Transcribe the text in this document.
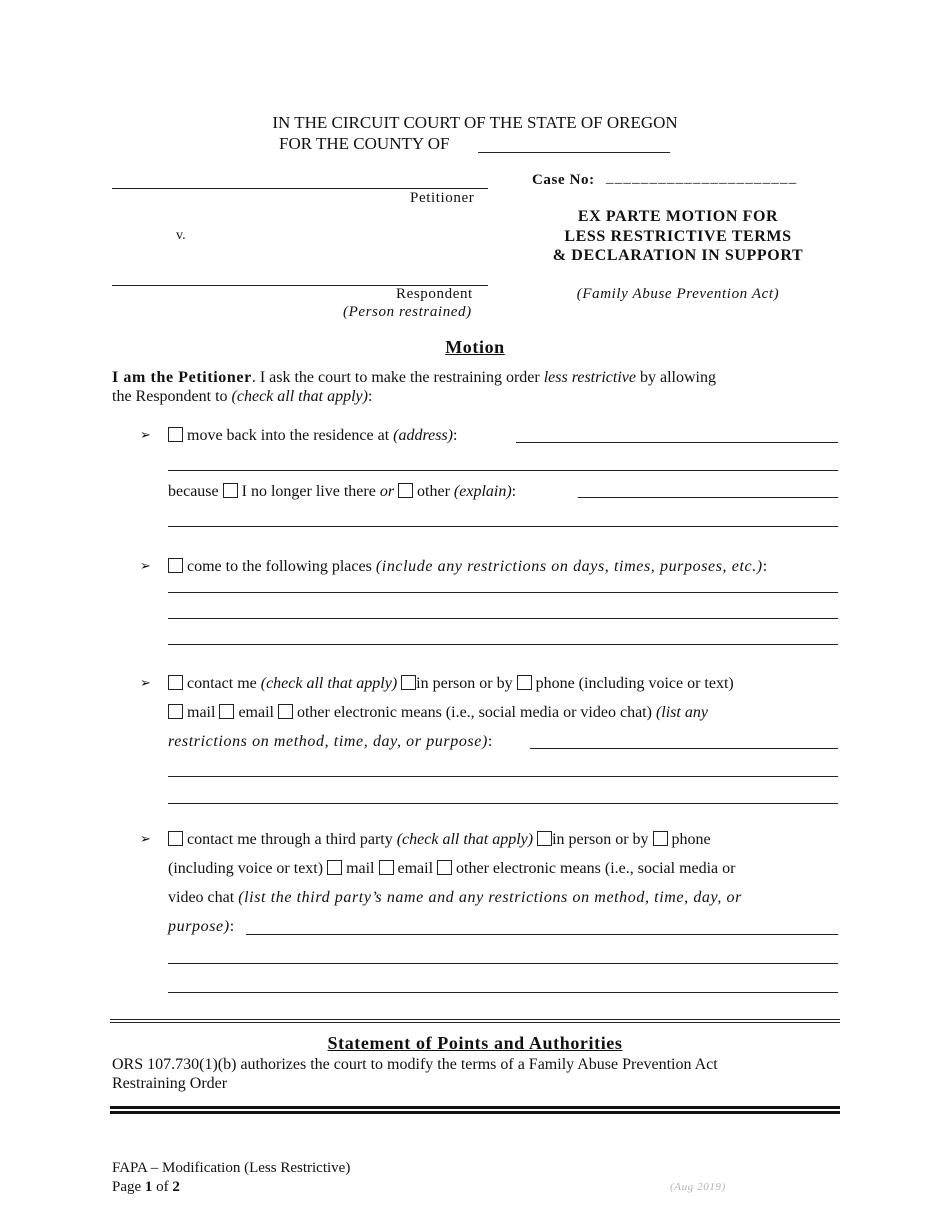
IN THE CIRCUIT COURT OF THE STATE OF OREGON
FOR THE COUNTY OF
Petitioner
v.
Respondent
(Person restrained)
Case No: ______________________
EX PARTE MOTION FOR
LESS RESTRICTIVE TERMS
& DECLARATION IN SUPPORT
(Family Abuse Prevention Act)
Motion
I am the Petitioner. I ask the court to make the restraining order less restrictive by allowing
the Respondent to (check all that apply):
➢	move back into the residence at (address):
because I no longer live there or other (explain):
➢	come to the following places (include any restrictions on days, times, purposes, etc.):
➢	contact me (check all that apply) in person or by phone (including voice or text)
mail email other electronic means (i.e., social media or video chat) (list any
restrictions on method, time, day, or purpose):
➢	contact me through a third party (check all that apply) in person or by phone
(including voice or text) mail email other electronic means (i.e., social media or
video chat (list the third party’s name and any restrictions on method, time, day, or
purpose):
Statement of Points and Authorities
ORS 107.730(1)(b) authorizes the court to modify the terms of a Family Abuse Prevention Act
Restraining Order
FAPA – Modification (Less Restrictive)
Page 1 of 2	(Aug 2019)
